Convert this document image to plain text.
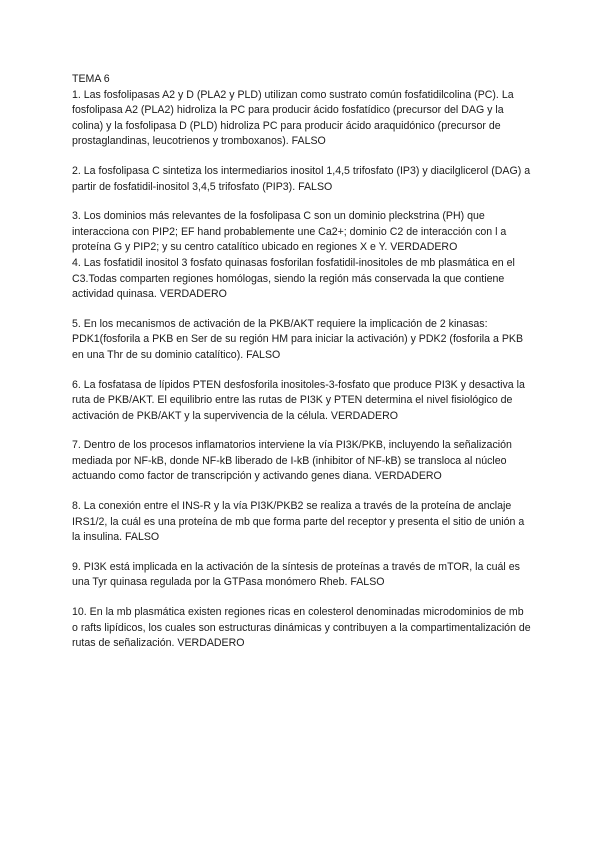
TEMA 6

1. Las fosfolipasas A2 y D (PLA2 y PLD) utilizan como sustrato común fosfatidilcolina (PC). La fosfolipasa A2 (PLA2) hidroliza la PC para producir ácido fosfatídico (precursor del DAG y la colina) y la fosfolipasa D (PLD) hidroliza PC para producir ácido araquidónico (precursor de prostaglandinas, leucotrienos y tromboxanos). FALSO

2. La fosfolipasa C sintetiza los intermediarios inositol 1,4,5 trifosfato (IP3) y diacilglicerol (DAG) a partir de fosfatidil-inositol 3,4,5 trifosfato (PIP3). FALSO

3. Los dominios más relevantes de la fosfolipasa C son un dominio pleckstrina (PH) que interacciona con PIP2; EF hand probablemente une Ca2+; dominio C2 de interacción con l a proteína G y PIP2; y su centro catalítico ubicado en regiones X e Y. VERDADERO

4. Las fosfatidil inositol 3 fosfato quinasas fosforilan fosfatidil-inositoles de mb plasmática en el C3.Todas comparten regiones homólogas, siendo la región más conservada la que contiene actividad quinasa. VERDADERO

5. En los mecanismos de activación de la PKB/AKT requiere la implicación de 2 kinasas: PDK1(fosforila a PKB en Ser de su región HM para iniciar la activación) y PDK2 (fosforila a PKB en una Thr de su dominio catalítico). FALSO

6. La fosfatasa de lípidos PTEN desfosforila inositoles-3-fosfato que produce PI3K y desactiva la ruta de PKB/AKT. El equilibrio entre las rutas de PI3K y PTEN determina el nivel fisiológico de activación de PKB/AKT y la supervivencia de la célula. VERDADERO

7. Dentro de los procesos inflamatorios interviene la vía PI3K/PKB, incluyendo la señalización mediada por NF-kB, donde NF-kB liberado de I-kB (inhibitor of NF-kB) se transloca al núcleo actuando como factor de transcripción y activando genes diana. VERDADERO

8. La conexión entre el INS-R y la vía PI3K/PKB2 se realiza a través de la proteína de anclaje IRS1/2, la cuál es una proteína de mb que forma parte del receptor y presenta el sitio de unión a la insulina. FALSO

9. PI3K está implicada en la activación de la síntesis de proteínas a través de mTOR, la cuál es una Tyr quinasa regulada por la GTPasa monómero Rheb. FALSO

10. En la mb plasmática existen regiones ricas en colesterol denominadas microdominios de mb o rafts lipídicos, los cuales son estructuras dinámicas y contribuyen a la compartimentalización de rutas de señalización. VERDADERO
